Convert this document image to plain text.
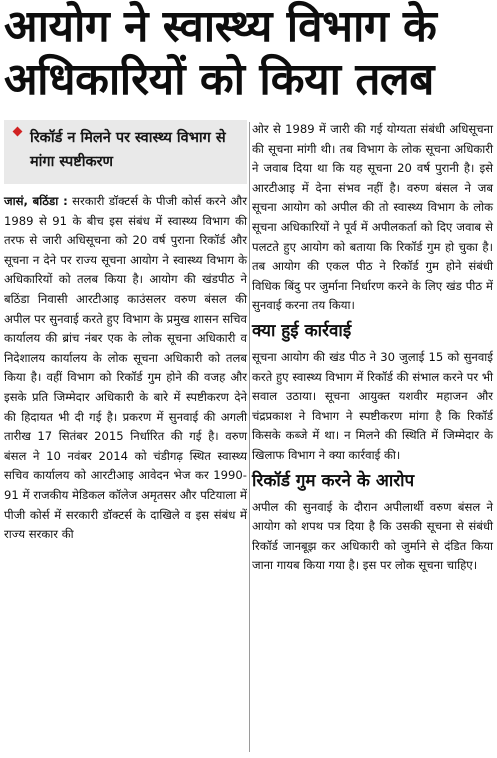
आयोग ने स्वास्थ्य विभाग के
अधिकारियों को किया तलब
रिकॉर्ड न मिलने पर स्वास्थ्य विभाग से मांगा स्पष्टीकरण

जासं, बठिंडा : सरकारी डॉक्टर्स के पीजी कोर्स करने और 1989 से 91 के बीच इस संबंध में स्वास्थ्य विभाग की तरफ से जारी अधिसूचना को 20 वर्ष पुराना रिकॉर्ड और सूचना न देने पर राज्य सूचना आयोग ने स्वास्थ्य विभाग के अधिकारियों को तलब किया है। आयोग की खंडपीठ ने बठिंडा निवासी आरटीआइ काउंसलर वरुण बंसल की अपील पर सुनवाई करते हुए विभाग के प्रमुख शासन सचिव कार्यालय की ब्रांच नंबर एक के लोक सूचना अधिकारी व निदेशालय कार्यालय के लोक सूचना अधिकारी को तलब किया है। वहीं विभाग को रिकॉर्ड गुम होने की वजह और इसके प्रति जिम्मेदार अधिकारी के बारे में स्पष्टीकरण देने की हिदायत भी दी गई है। प्रकरण में सुनवाई की अगली तारीख 17 सितंबर 2015 निर्धारित की गई है। वरुण बंसल ने 10 नवंबर 2014 को चंडीगढ़ स्थित स्वास्थ्य सचिव कार्यालय को आरटीआइ आवेदन भेज कर 1990-91 में राजकीय मेडिकल कॉलेज अमृतसर और पटियाला में पीजी कोर्स में सरकारी डॉक्टर्स के दाखिले व इस संबंध में राज्य सरकार की

ओर से 1989 में जारी की गई योग्यता संबंधी अधिसूचना की सूचना मांगी थी। तब विभाग के लोक सूचना अधिकारी ने जवाब दिया था कि यह सूचना 20 वर्ष पुरानी है। इसे आरटीआइ में देना संभव नहीं है। वरुण बंसल ने जब सूचना आयोग को अपील की तो स्वास्थ्य विभाग के लोक सूचना अधिकारियों ने पूर्व में अपीलकर्ता को दिए जवाब से पलटते हुए आयोग को बताया कि रिकॉर्ड गुम हो चुका है। तब आयोग की एकल पीठ ने रिकॉर्ड गुम होने संबंधी विधिक बिंदु पर जुर्माना निर्धारण करने के लिए खंड पीठ में सुनवाई करना तय किया।

क्या हुई कार्रवाई

सूचना आयोग की खंड पीठ ने 30 जुलाई 15 को सुनवाई करते हुए स्वास्थ्य विभाग में रिकॉर्ड की संभाल करने पर भी सवाल उठाया। सूचना आयुक्त यशवीर महाजन और चंद्रप्रकाश ने विभाग ने स्पष्टीकरण मांगा है कि रिकॉर्ड किसके कब्जे में था। न मिलने की स्थिति में जिम्मेदार के खिलाफ विभाग ने क्या कार्रवाई की।

रिकॉर्ड गुम करने के आरोप

अपील की सुनवाई के दौरान अपीलार्थी वरुण बंसल ने आयोग को शपथ पत्र दिया है कि उसकी सूचना से संबंधी रिकॉर्ड जानबूझ कर अधिकारी को जुर्माने से दंडित किया जाना गायब किया गया है। इस पर लोक सूचना चाहिए।
